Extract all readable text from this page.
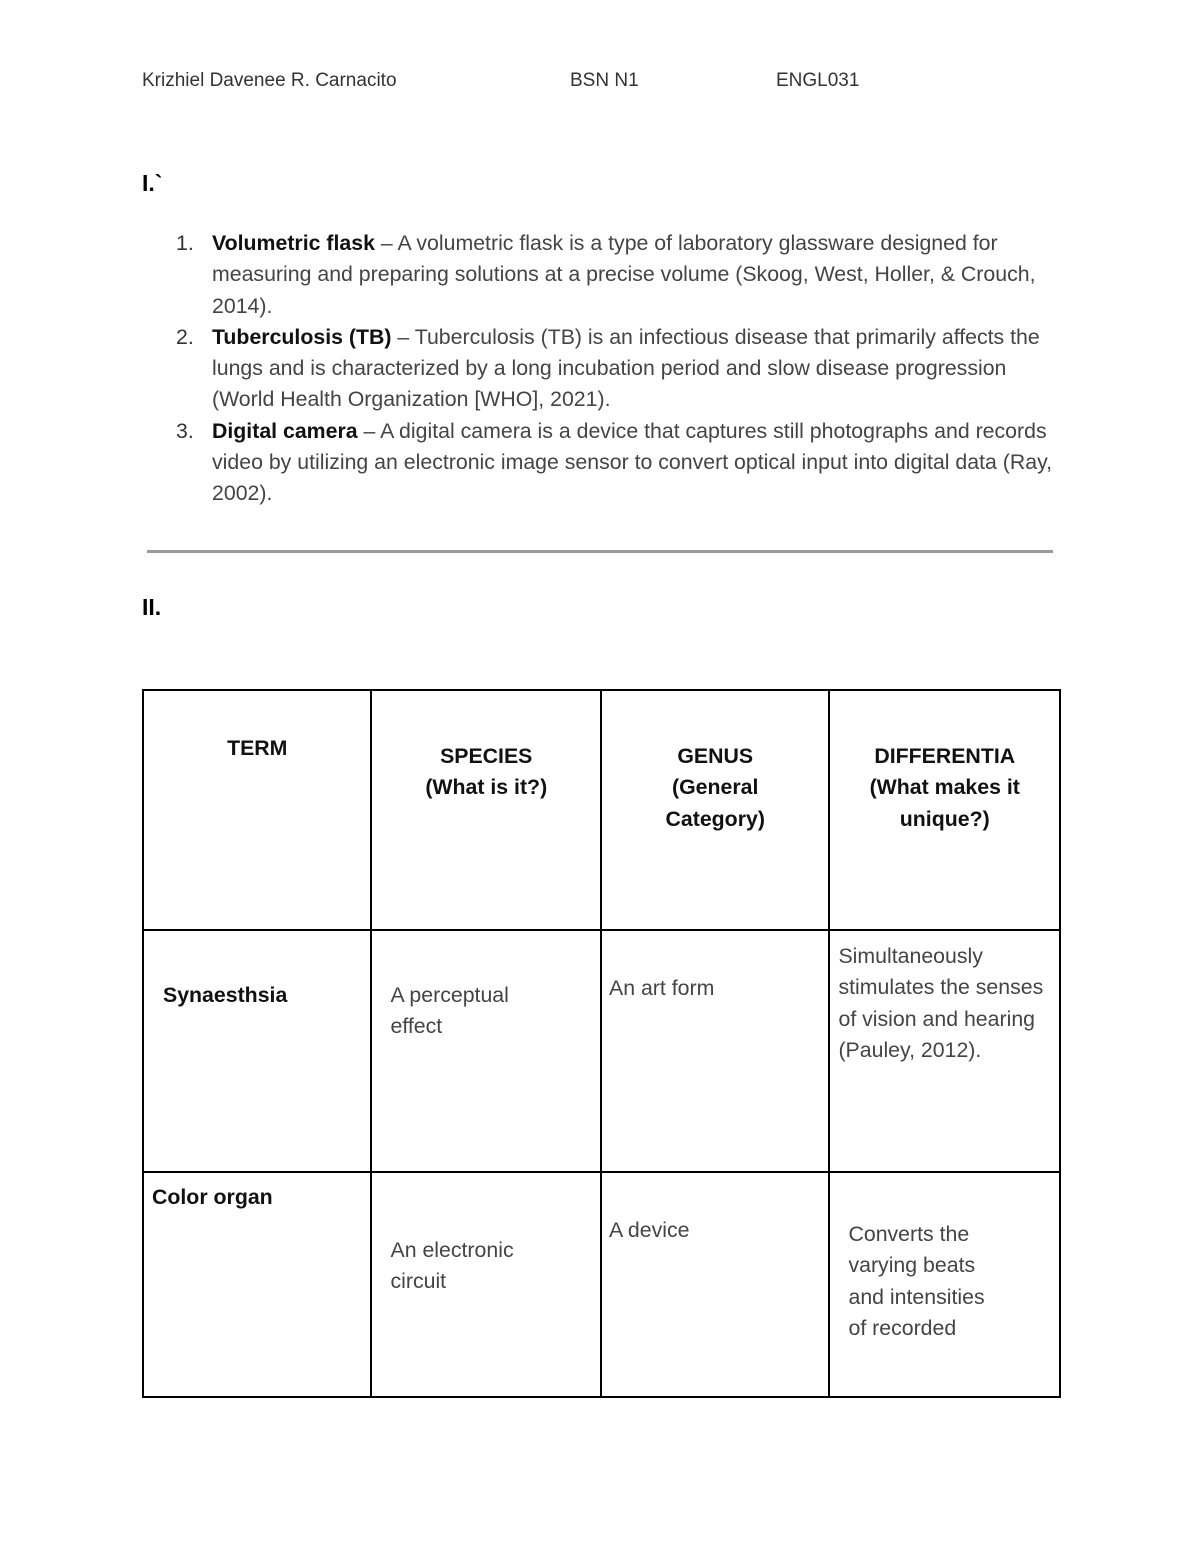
Krizhiel Davenee R. Carnacito	BSN N1	ENGL031
I.`
1. Volumetric flask – A volumetric flask is a type of laboratory glassware designed for measuring and preparing solutions at a precise volume (Skoog, West, Holler, & Crouch, 2014).
2. Tuberculosis (TB) – Tuberculosis (TB) is an infectious disease that primarily affects the lungs and is characterized by a long incubation period and slow disease progression (World Health Organization [WHO], 2021).
3. Digital camera – A digital camera is a device that captures still photographs and records video by utilizing an electronic image sensor to convert optical input into digital data (Ray, 2002).
II.
TERM	SPECIES (What is it?)	GENUS (General Category)	DIFFERENTIA (What makes it unique?)

Synaesthsia	A perceptual effect	An art form	Simultaneously stimulates the senses of vision and hearing (Pauley, 2012).

Color organ	An electronic circuit	A device	Converts the varying beats and intensities of recorded
